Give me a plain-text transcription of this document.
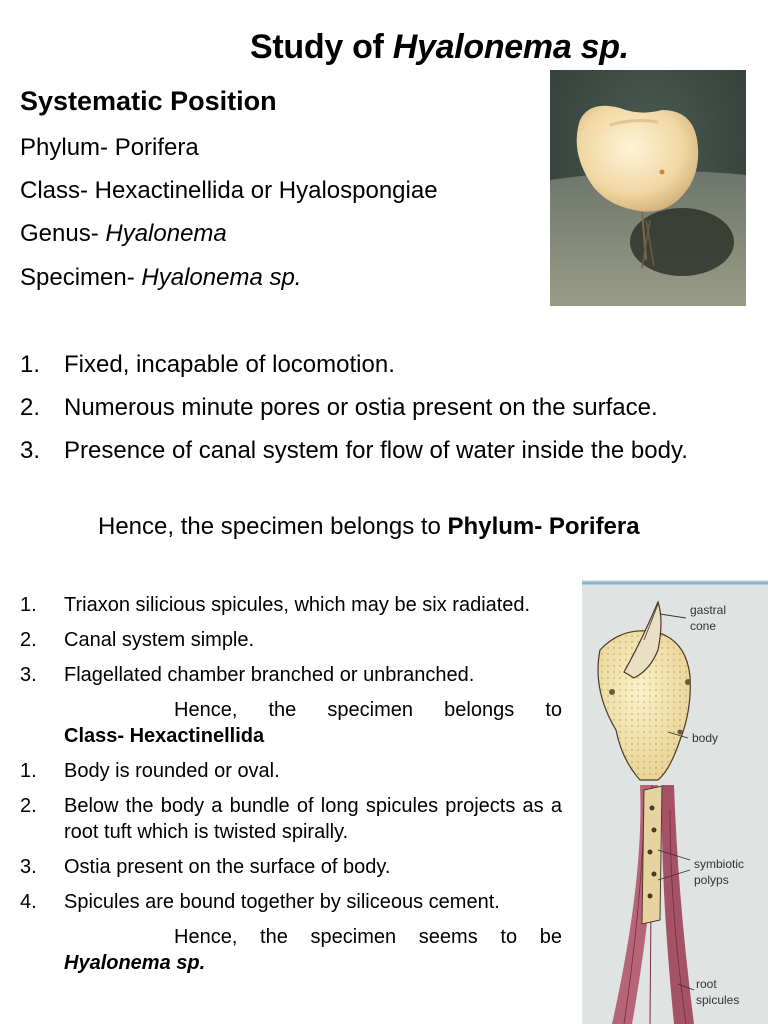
Study of Hyalonema sp.
Systematic Position
Phylum- Porifera
Class- Hexactinellida or Hyalospongiae
Genus- Hyalonema
Specimen- Hyalonema sp.
1. Fixed, incapable of locomotion.
2. Numerous minute pores or ostia present on the surface.
3. Presence of canal system for flow of water inside the body.
Hence, the specimen belongs to Phylum- Porifera
1. Triaxon silicious spicules, which may be six radiated.
2. Canal system simple.
3. Flagellated chamber branched or unbranched.
Hence, the specimen belongs to
Class- Hexactinellida
1. Body is rounded or oval.
2. Below the body a bundle of long spicules projects as a root tuft which is twisted spirally.
3. Ostia present on the surface of body.
4. Spicules are bound together by siliceous cement.
Hence, the specimen seems to be
Hyalonema sp.
gastral
cone
body
symbiotic
polyps
root
spicules
